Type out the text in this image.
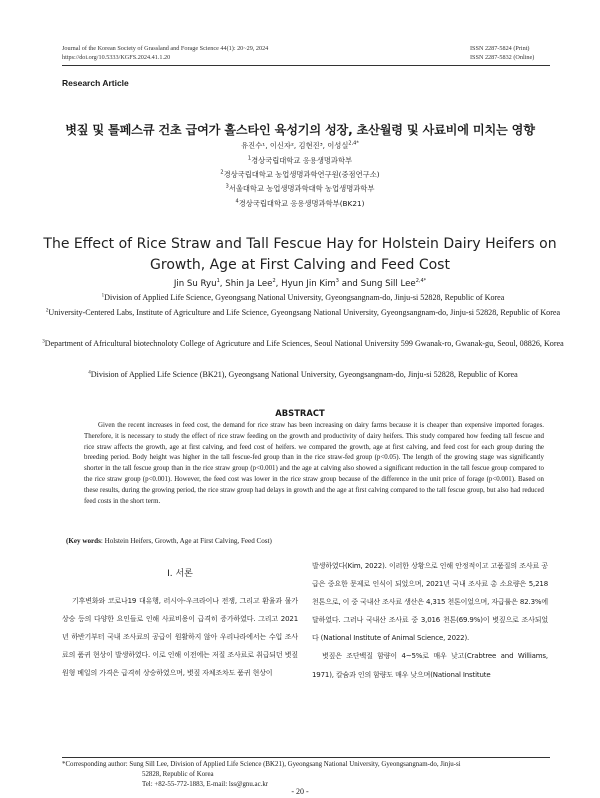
Journal of the Korean Society of Grassland and Forage Science 44(1): 20~29, 2024
https://doi.org/10.5333/KGFS.2024.41.1.20
ISSN 2287-5824 (Print)
ISSN 2287-5832 (Online)
Research Article
볏짚 및 톨페스큐 건초 급여가 홀스타인 육성기의 성장, 초산월령 및 사료비에 미치는 영향
유진수¹, 이신자², 김현진³, 이성실$^{2,4*}$
$^1$경상국립대학교 응용생명과학부
$^2$경상국립대학교 농업생명과학연구원(중점연구소)
$^3$서울대학교 농업생명과학대학 농업생명과학부
$^4$경상국립대학교 응용생명과학부(BK21)
The Effect of Rice Straw and Tall Fescue Hay for Holstein Dairy Heifers on Growth, Age at First Calving and Feed Cost
Jin Su Ryu$^1$, Shin Ja Lee$^2$, Hyun Jin Kim$^3$ and Sung Sill Lee$^{2,4*}$
$^1$Division of Applied Life Science, Gyeongsang National University, Gyeongsangnam-do, Jinju-si 52828, Republic of Korea
$^2$University-Centered Labs, Institute of Agriculture and Life Science, Gyeongsang National University, Gyeongsangnam-do, Jinju-si 52828, Republic of Korea
$^3$Department of Africultural biotechnoloty College of Agricuture and Life Sciences, Seoul National University 599 Gwanak-ro, Gwanak-gu, Seoul, 08826, Korea
$^4$Division of Applied Life Science (BK21), Gyeongsang National University, Gyeongsangnam-do, Jinju-si 52828, Republic of Korea
ABSTRACT

Given the recent increases in feed cost, the demand for rice straw has been increasing on dairy farms because it is cheaper than expensive imported forages. Therefore, it is necessary to study the effect of rice straw feeding on the growth and productivity of dairy heifers. This study compared how feeding tall fescue and rice straw affects the growth, age at first calving, and feed cost of heifers. we compared the growth, age at first calving, and feed cost for each group during the breeding period. Body height was higher in the tall fescue-fed group than in the rice straw-fed group (p<0.05). The length of the growing stage was significantly shorter in the tall fescue group than in the rice straw group (p<0.001) and the age at calving also showed a significant reduction in the tall fescue group compared to the rice straw group (p<0.001). However, the feed cost was lower in the rice straw group because of the difference in the unit price of forage (p<0.001). Based on these results, during the growing period, the rice straw group had delays in growth and the age at first calving compared to the tall fescue group, but also had reduced feed costs in the short term.

(Key words: Holstein Heifers, Growth, Age at First Calving, Feed Cost)
Ⅰ. 서론

기후변화와 코로나19 대유행, 러시아-우크라이나 전쟁, 그리고 환율과 물가 상승 등의 다양한 요인들로 인해 사료비용이 급격히 증가하였다. 그리고 2021년 하반기부터 국내 조사료의 공급이 원활하지 않아 우리나라에서는 수입 조사료의 품귀 현상이 발생하였다. 이로 인해 이전에는 저질 조사료로 취급되던 볏짚 원형 베일의 가격은 급격히 상승하였으며, 볏짚 자체조차도 품귀 현상이

발생하였다(Kim, 2022). 이러한 상황으로 인해 안정적이고 고품질의 조사료 공급은 중요한 문제로 인식이 되었으며, 2021년 국내 조사료 총 소요량은 5,218 천톤으로, 이 중 국내산 조사료 생산은 4,315 천톤이었으며, 자급률은 82.3%에 달하였다. 그러나 국내산 조사료 중 3,016 천톤(69.9%)이 볏짚으로 조사되었다 (National Institute of Animal Science, 2022).

볏짚은 조단백질 함량이 4~5%로 매우 낮고(Crabtree and Williams, 1971), 칼슘과 인의 함량도 매우 낮으며(National Institute

*Corresponding author: Sung Sill Lee, Division of Applied Life Science (BK21), Gyeongsang National University, Gyeongsangnam-do, Jinju-si
52828, Republic of Korea
Tel: +82-55-772-1883, E-mail: lss@gnu.ac.kr
- 20 -
